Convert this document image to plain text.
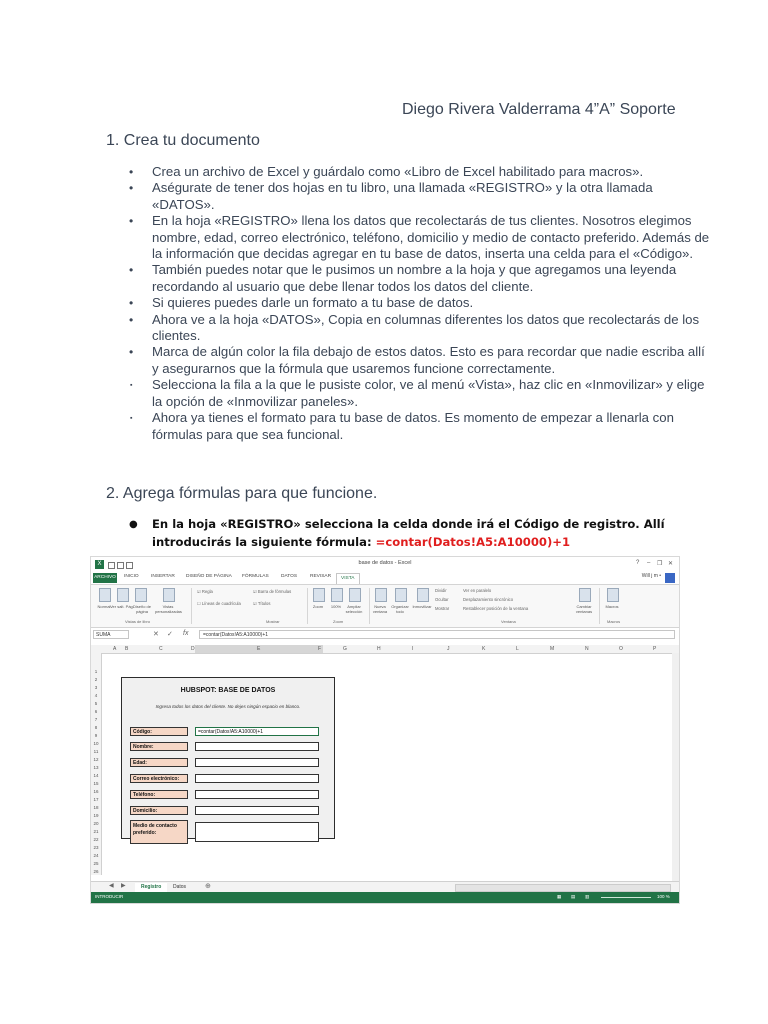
Diego Rivera Valderrama 4”A” Soporte
1. Crea tu documento
• Crea un archivo de Excel y guárdalo como «Libro de Excel habilitado para macros».
• Aségurate de tener dos hojas en tu libro, una llamada «REGISTRO» y la otra llamada «DATOS».
• En la hoja «REGISTRO» llena los datos que recolectarás de tus clientes. Nosotros elegimos nombre, edad, correo electrónico, teléfono, domicilio y medio de contacto preferido. Además de la información que decidas agregar en tu base de datos, inserta una celda para el «Código».
• También puedes notar que le pusimos un nombre a la hoja y que agregamos una leyenda recordando al usuario que debe llenar todos los datos del cliente.
• Si quieres puedes darle un formato a tu base de datos.
• Ahora ve a la hoja «DATOS», Copia en columnas diferentes los datos que recolectarás de los clientes.
• Marca de algún color la fila debajo de estos datos. Esto es para recordar que nadie escriba allí y asegurarnos que la fórmula que usaremos funcione correctamente.
▪ Selecciona la fila a la que le pusiste color, ve al menú «Vista», haz clic en «Inmovilizar» y elige la opción de «Inmovilizar paneles».
▪ Ahora ya tienes el formato para tu base de datos. Es momento de empezar a llenarla con fórmulas para que sea funcional.
2. Agrega fórmulas para que funcione.
● En la hoja «REGISTRO» selecciona la celda donde irá el Código de registro. Allí introducirás la siguiente fórmula: =contar(Datos!A5:A10000)+1
X	base de datos - Excel	? – ❐ ✕
ARCHIVO INICIO	INSERTAR DISEÑO DE PÁGINA FÓRMULAS	DATOS	REVISAR	VISTA	Will j m •
Normal Ver salt. Pág. Diseño de página
Vistas personalizadas
Vistas de libro
☑ Regla	☑ Barra de fórmulas
☐ Líneas de cuadrícula	☑ Títulos
Mostrar
Zoom	100%	Ampliar selección
Zoom
Nueva ventana
Organizar todo
Inmovilizar
Dividir
Ocultar
Mostrar
Ver en paralelo
Desplazamiento sincrónico
Restablecer posición de la ventana	Cambiar ventanas
Ventana
Macros
Macros
SUMA	✕ ✓ fx	=contar(Datos!A5:A10000)+1
A B	C	D	E	F	G	H	I	J	K	L	M	N	O	P
1
2
3
4
5
6
7
8
9
10
11
12
13
14
15
16
17
18
19
20
21
22
23
24
25
26
HUBSPOT: BASE DE DATOS
Ingresa todos los datos del cliente. No dejes ningún espacio en blanco.
Código:	=contar(Datos!A5:A10000)+1
Nombre:
Edad:
Correo electrónico:
Teléfono:
Domicilio:
Medio de contacto
preferido:
◀ ▶	Registro	Datos	⊕
INTRODUCIR	▦ ▤ ▥	100 %
